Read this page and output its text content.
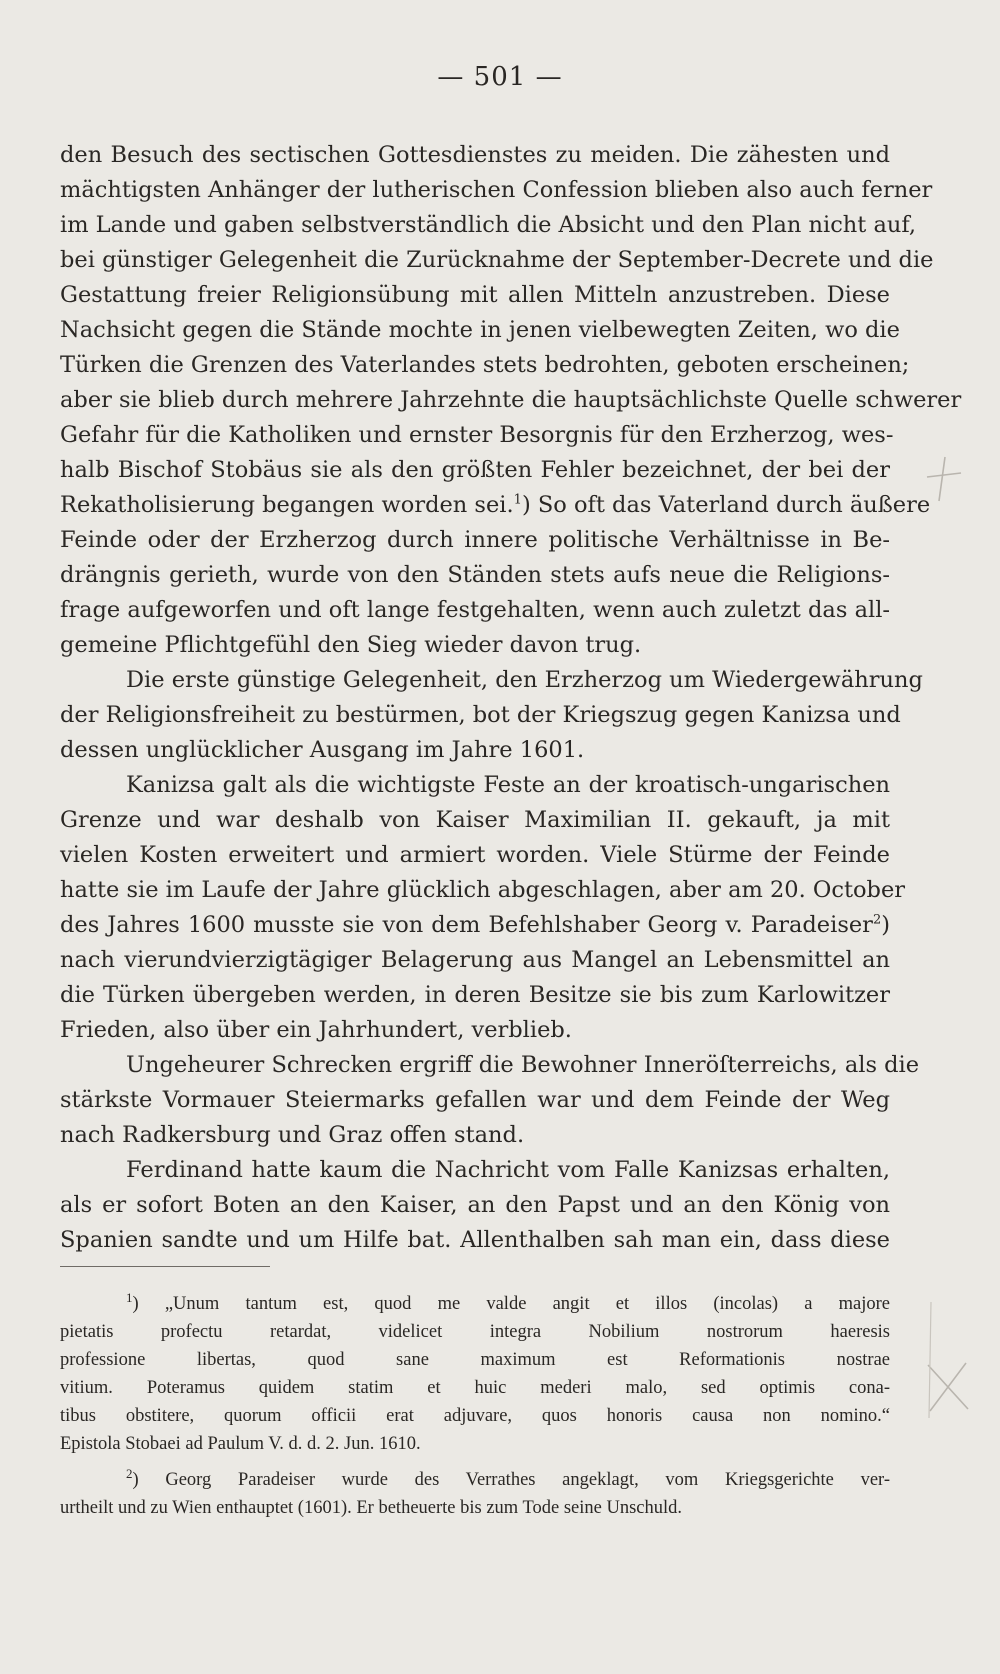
— 501 —
den Besuch des sectischen Gottesdienstes zu meiden. Die zähesten und
mächtigsten Anhänger der lutherischen Confession blieben also auch ferner
im Lande und gaben selbstverständlich die Absicht und den Plan nicht auf,
bei günstiger Gelegenheit die Zurücknahme der September-Decrete und die
Gestattung freier Religionsübung mit allen Mitteln anzustreben. Diese
Nachsicht gegen die Stände mochte in jenen vielbewegten Zeiten, wo die
Türken die Grenzen des Vaterlandes stets bedrohten, geboten erscheinen;
aber sie blieb durch mehrere Jahrzehnte die hauptsächlichste Quelle schwerer
Gefahr für die Katholiken und ernster Besorgnis für den Erzherzog, wes-
halb Bischof Stobäus sie als den größten Fehler bezeichnet, der bei der
Rekatholisierung begangen worden sei.$^1$) So oft das Vaterland durch äußere
Feinde oder der Erzherzog durch innere politische Verhältnisse in Be-
drängnis gerieth, wurde von den Ständen stets aufs neue die Religions-
frage aufgeworfen und oft lange festgehalten, wenn auch zuletzt das all-
gemeine Pflichtgefühl den Sieg wieder davon trug.
Die erste günstige Gelegenheit, den Erzherzog um Wiedergewährung
der Religionsfreiheit zu bestürmen, bot der Kriegszug gegen Kanizsa und
dessen unglücklicher Ausgang im Jahre 1601.
Kanizsa galt als die wichtigste Feste an der kroatisch-ungarischen
Grenze und war deshalb von Kaiser Maximilian II. gekauft, ja mit
vielen Kosten erweitert und armiert worden. Viele Stürme der Feinde
hatte sie im Laufe der Jahre glücklich abgeschlagen, aber am 20. October
des Jahres 1600 musste sie von dem Befehlshaber Georg v. Paradeiser$^2$)
nach vierundvierzigtägiger Belagerung aus Mangel an Lebensmittel an
die Türken übergeben werden, in deren Besitze sie bis zum Karlowitzer
Frieden, also über ein Jahrhundert, verblieb.
Ungeheurer Schrecken ergriff die Bewohner Inneröſterreichs, als die
stärkste Vormauer Steiermarks gefallen war und dem Feinde der Weg
nach Radkersburg und Graz offen stand.
Ferdinand hatte kaum die Nachricht vom Falle Kanizsas erhalten,
als er sofort Boten an den Kaiser, an den Papst und an den König von
Spanien sandte und um Hilfe bat. Allenthalben sah man ein, dass diese
$^1$) „Unum tantum est, quod me valde angit et illos (incolas) a majore
pietatis profectu retardat, videlicet integra Nobilium nostrorum haeresis
professione libertas, quod sane maximum est Reformationis nostrae
vitium. Poteramus quidem statim et huic mederi malo, sed optimis cona-
tibus obstitere, quorum officii erat adjuvare, quos honoris causa non nomino.“
Epistola Stobaei ad Paulum V. d. d. 2. Jun. 1610.
$^2$) Georg Paradeiser wurde des Verrathes angeklagt, vom Kriegsgerichte ver-
urtheilt und zu Wien enthauptet (1601). Er betheuerte bis zum Tode seine Unschuld.
